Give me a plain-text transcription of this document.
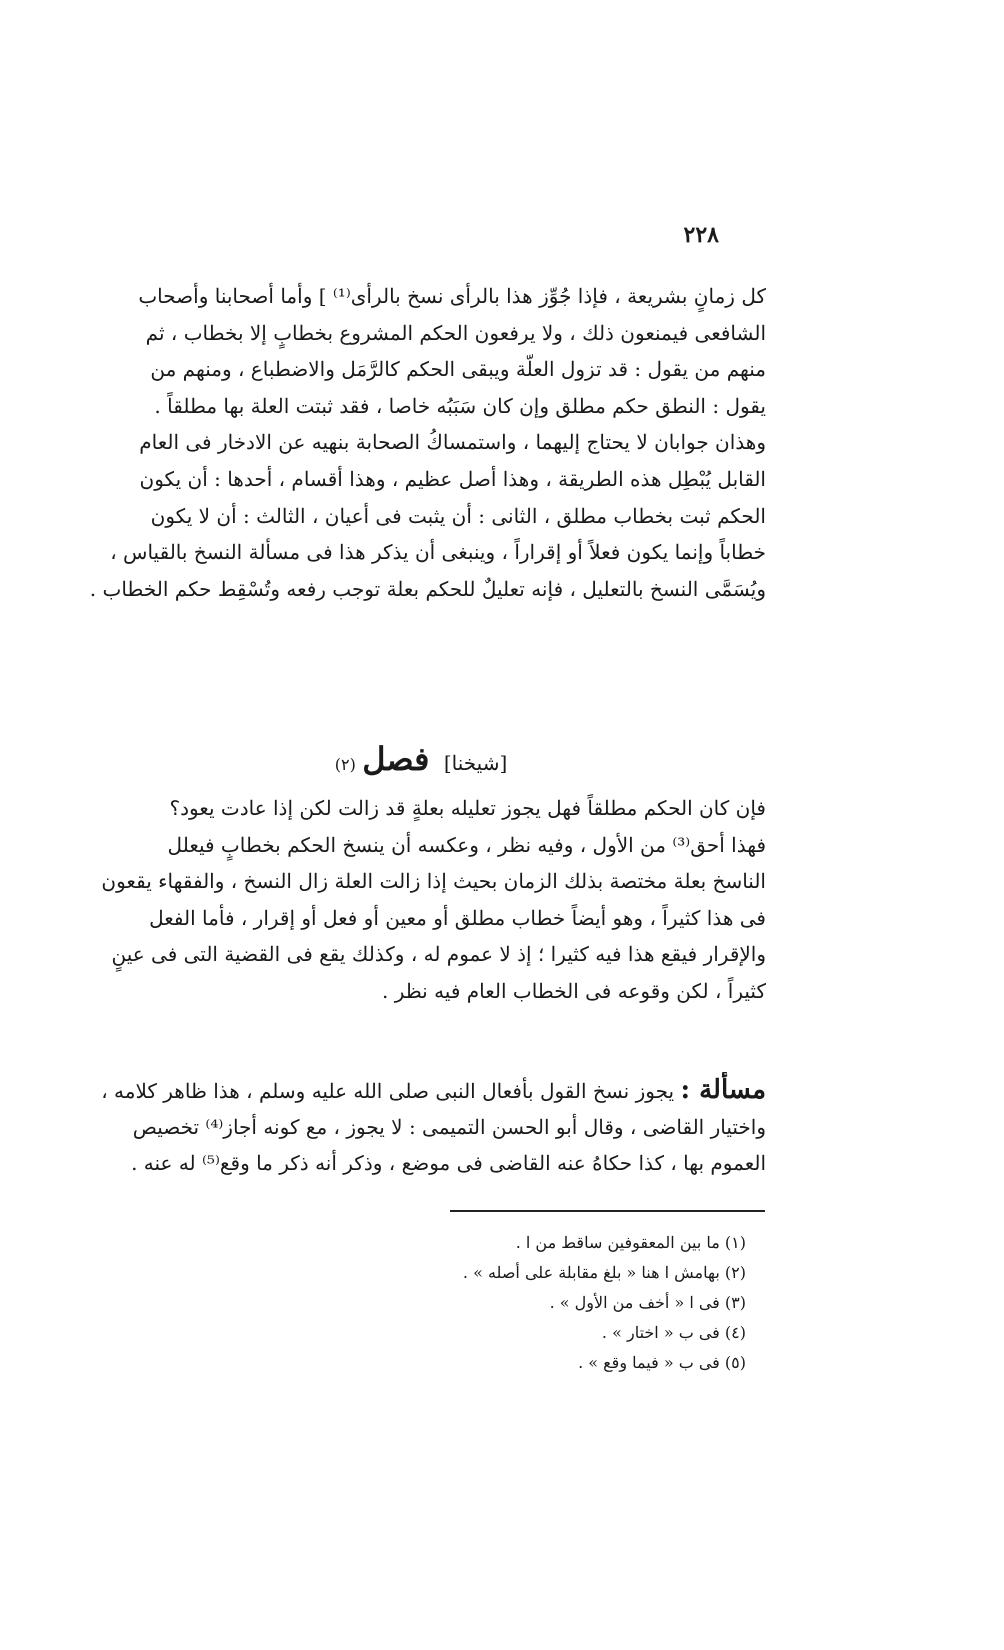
٢٢٨
كل زمانٍ بشريعة ، فإذا جُوِّز هذا بالرأى نسخ بالرأى⁽¹⁾ ] وأما أصحابنا وأصحاب
الشافعى فيمنعون ذلك ، ولا يرفعون الحكم المشروع بخطابٍ إلا بخطاب ، ثم
منهم من يقول : قد تزول العلّة ويبقى الحكم كالرَّمَل والاضطباع ، ومنهم من
يقول : النطق حكم مطلق وإن كان سَبَبُه خاصا ، فقد ثبتت العلة بها مطلقاً .
وهذان جوابان لا يحتاج إليهما ، واستمساكُ الصحابة بنهيه عن الادخار فى العام
القابل يُبْطِل هذه الطريقة ، وهذا أصل عظيم ، وهذا أقسام ، أحدها : أن يكون
الحكم ثبت بخطاب مطلق ، الثانى : أن يثبت فى أعيان ، الثالث : أن لا يكون
خطاباً وإنما يكون فعلاً أو إقراراً ، وينبغى أن يذكر هذا فى مسألة النسخ بالقياس ،
ويُسَمَّى النسخ بالتعليل ، فإنه تعليلٌ للحكم بعلة توجب رفعه وتُسْقِط حكم الخطاب .
[شيخنا] فصل (٢)
فإن كان الحكم مطلقاً فهل يجوز تعليله بعلةٍ قد زالت لكن إذا عادت يعود؟
فهذا أحق⁽³⁾ من الأول ، وفيه نظر ، وعكسه أن ينسخ الحكم بخطابٍ فيعلل
الناسخ بعلة مختصة بذلك الزمان بحيث إذا زالت العلة زال النسخ ، والفقهاء يقعون
فى هذا كثيراً ، وهو أيضاً خطاب مطلق أو معين أو فعل أو إقرار ، فأما الفعل
والإقرار فيقع هذا فيه كثيرا ؛ إذ لا عموم له ، وكذلك يقع فى القضية التى فى عينٍ
كثيراً ، لكن وقوعه فى الخطاب العام فيه نظر .
مسألة : يجوز نسخ القول بأفعال النبى صلى الله عليه وسلم ، هذا ظاهر كلامه ،
واختيار القاضى ، وقال أبو الحسن التميمى : لا يجوز ، مع كونه أجاز⁽⁴⁾ تخصيص
العموم بها ، كذا حكاهُ عنه القاضى فى موضع ، وذكر أنه ذكر ما وقع⁽⁵⁾ له عنه .
(١) ما بين المعقوفين ساقط من ا .
(٢) بهامش ا هنا « بلغ مقابلة على أصله » .
(٣) فى ا « أخف من الأول » .
(٤) فى ب « اختار » .
(٥) فى ب « فيما وقع » .
